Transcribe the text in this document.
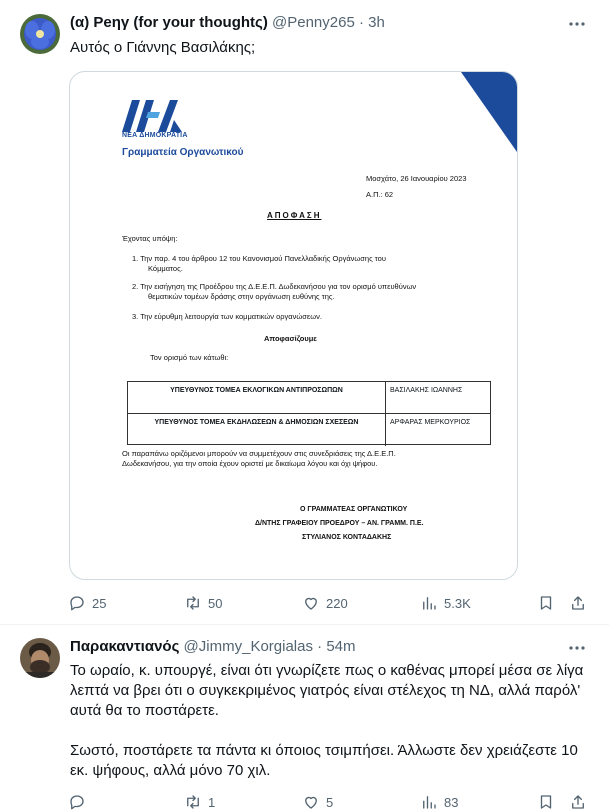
(α) Ρeηγ (for your thoughtς) @Penny265 · 3h
Αυτός ο Γιάννης Βασιλάκης;
ΝΕΑ ΔΗΜΟΚΡΑΤΙΑ
Γραμματεία Οργανωτικού
Μοσχάτο, 26 Ιανουαρίου 2023
Α.Π.: 62
ΑΠΟΦΑΣΗ
Έχοντας υπόψη:
1. Την παρ. 4 του άρθρου 12 του Κανονισμού Πανελλαδικής Οργάνωσης του
Κόμματος.
2. Την εισήγηση της Προέδρου της Δ.Ε.Ε.Π. Δωδεκανήσου για τον ορισμό υπευθύνων
θεματικών τομέων δράσης στην οργάνωση ευθύνης της.
3. Την εύρυθμη λειτουργία των κομματικών οργανώσεων.
Αποφασίζουμε
Τον ορισμό των κάτωθι:
ΥΠΕΥΘΥΝΟΣ ΤΟΜΕΑ ΕΚΛΟΓΙΚΩΝ ΑΝΤΙΠΡΟΣΩΠΩΝ	ΒΑΣΙΛΑΚΗΣ ΙΩΑΝΝΗΣ
ΥΠΕΥΘΥΝΟΣ ΤΟΜΕΑ ΕΚΔΗΛΩΣΕΩΝ & ΔΗΜΟΣΙΩΝ ΣΧΕΣΕΩΝ	ΑΡΦΑΡΑΣ ΜΕΡΚΟΥΡΙΟΣ
Οι παραπάνω οριζόμενοι μπορούν να συμμετέχουν στις συνεδριάσεις της Δ.Ε.Ε.Π.
Δωδεκανήσου, για την οποία έχουν οριστεί με δικαίωμα λόγου και όχι ψήφου.
Ο ΓΡΑΜΜΑΤΕΑΣ ΟΡΓΑΝΩΤΙΚΟΥ
Δ/ΝΤΗΣ ΓΡΑΦΕΙΟΥ ΠΡΟΕΔΡΟΥ – ΑΝ. ΓΡΑΜΜ. Π.Ε.
ΣΤΥΛΙΑΝΟΣ ΚΟΝΤΑΔΑΚΗΣ
25	50	220	5.3K
Παρακαντιανός @Jimmy_Korgialas · 54m
Το ωραίο, κ. υπουργέ, είναι ότι γνωρίζετε πως ο καθένας μπορεί μέσα σε λίγα λεπτά να βρει ότι ο συγκεκριμένος γιατρός είναι στέλεχος τη ΝΔ, αλλά παρόλ' αυτά θα το ποστάρετε.

Σωστό, ποστάρετε τα πάντα κι όποιος τσιμπήσει. Άλλωστε δεν χρειάζεστε 10 εκ. ψήφους, αλλά μόνο 70 χιλ.
1	5	83
